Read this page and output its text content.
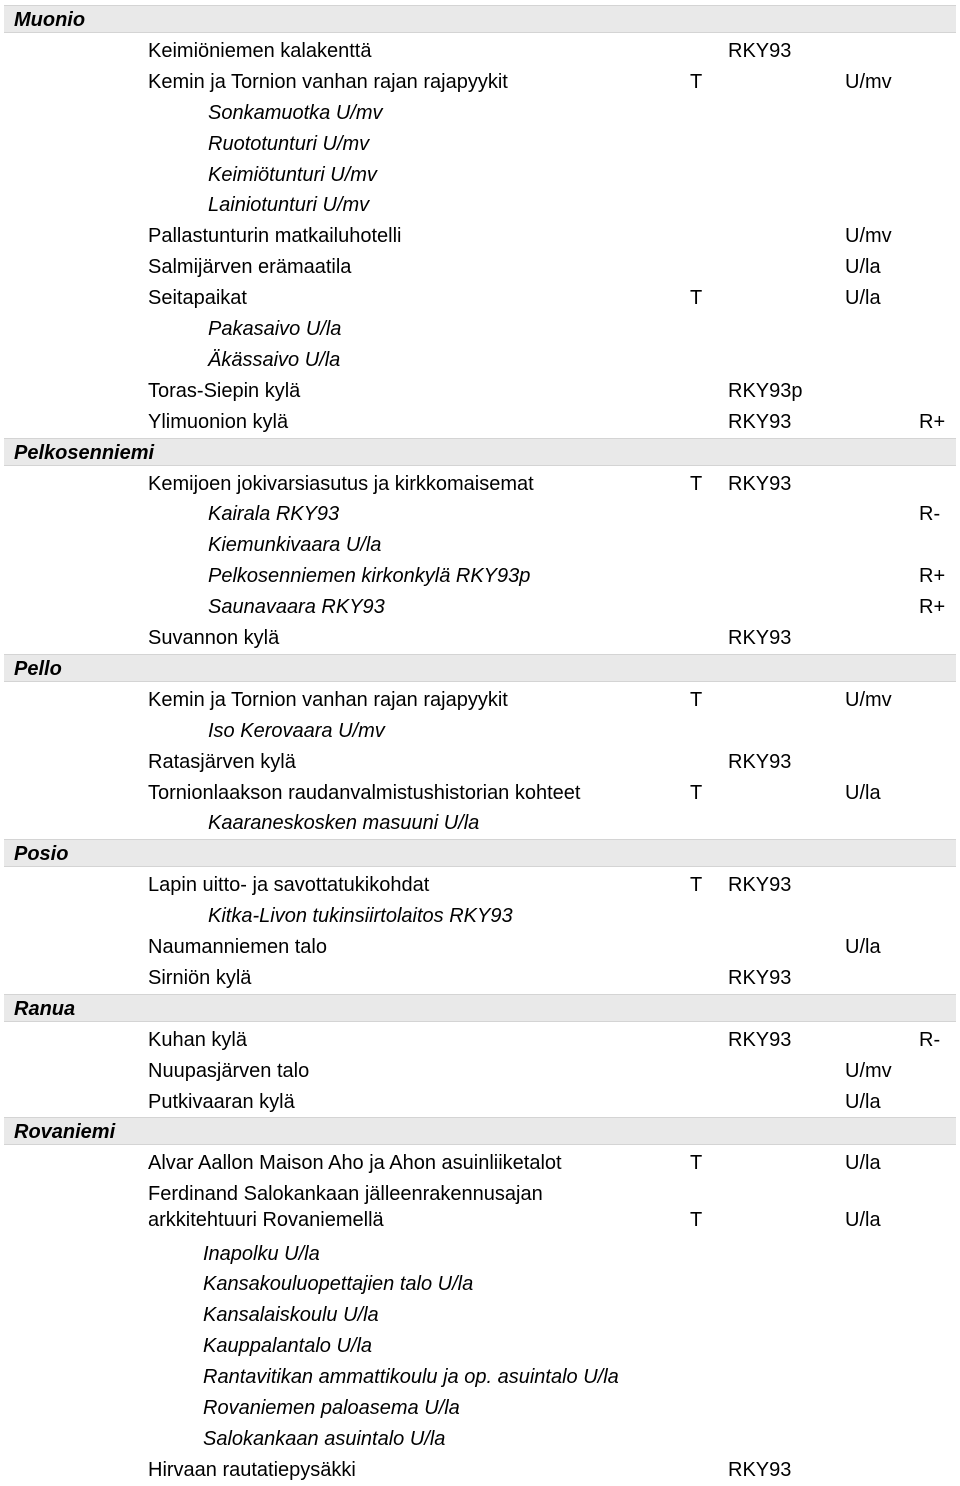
Muonio
Keimiöniemen kalakenttä	RKY93
Kemin ja Tornion vanhan rajan rajapyykit	T	U/mv
Sonkamuotka U/mv
Ruototunturi U/mv
Keimiötunturi U/mv
Lainiotunturi U/mv
Pallastunturin matkailuhotelli	U/mv
Salmijärven erämaatila	U/la
Seitapaikat	T	U/la
Pakasaivo U/la
Äkässaivo U/la
Toras-Siepin kylä	RKY93p
Ylimuonion kylä	RKY93	R+
Pelkosenniemi
Kemijoen jokivarsiasutus ja kirkkomaisemat	T RKY93
Kairala RKY93	R-
Kiemunkivaara U/la
Pelkosenniemen kirkonkylä RKY93p	R+
Saunavaara RKY93	R+
Suvannon kylä	RKY93
Pello
Kemin ja Tornion vanhan rajan rajapyykit	T	U/mv
Iso Kerovaara U/mv
Ratasjärven kylä	RKY93
Tornionlaakson raudanvalmistushistorian kohteet	T	U/la
Kaaraneskosken masuuni U/la
Posio
Lapin uitto- ja savottatukikohdat	T RKY93
Kitka-Livon tukinsiirtolaitos RKY93
Naumanniemen talo	U/la
Sirniön kylä	RKY93
Ranua
Kuhan kylä	RKY93	R-
Nuupasjärven talo	U/mv
Putkivaaran kylä	U/la
Rovaniemi
Alvar Aallon Maison Aho ja Ahon asuinliiketalot	T	U/la
Ferdinand Salokankaan jälleenrakennusajan
arkkitehtuuri Rovaniemellä	T	U/la
Inapolku U/la
Kansakouluopettajien talo U/la
Kansalaiskoulu U/la
Kauppalantalo U/la
Rantavitikan ammattikoulu ja op. asuintalo U/la
Rovaniemen paloasema U/la
Salokankaan asuintalo U/la
Hirvaan rautatiepysäkki	RKY93
